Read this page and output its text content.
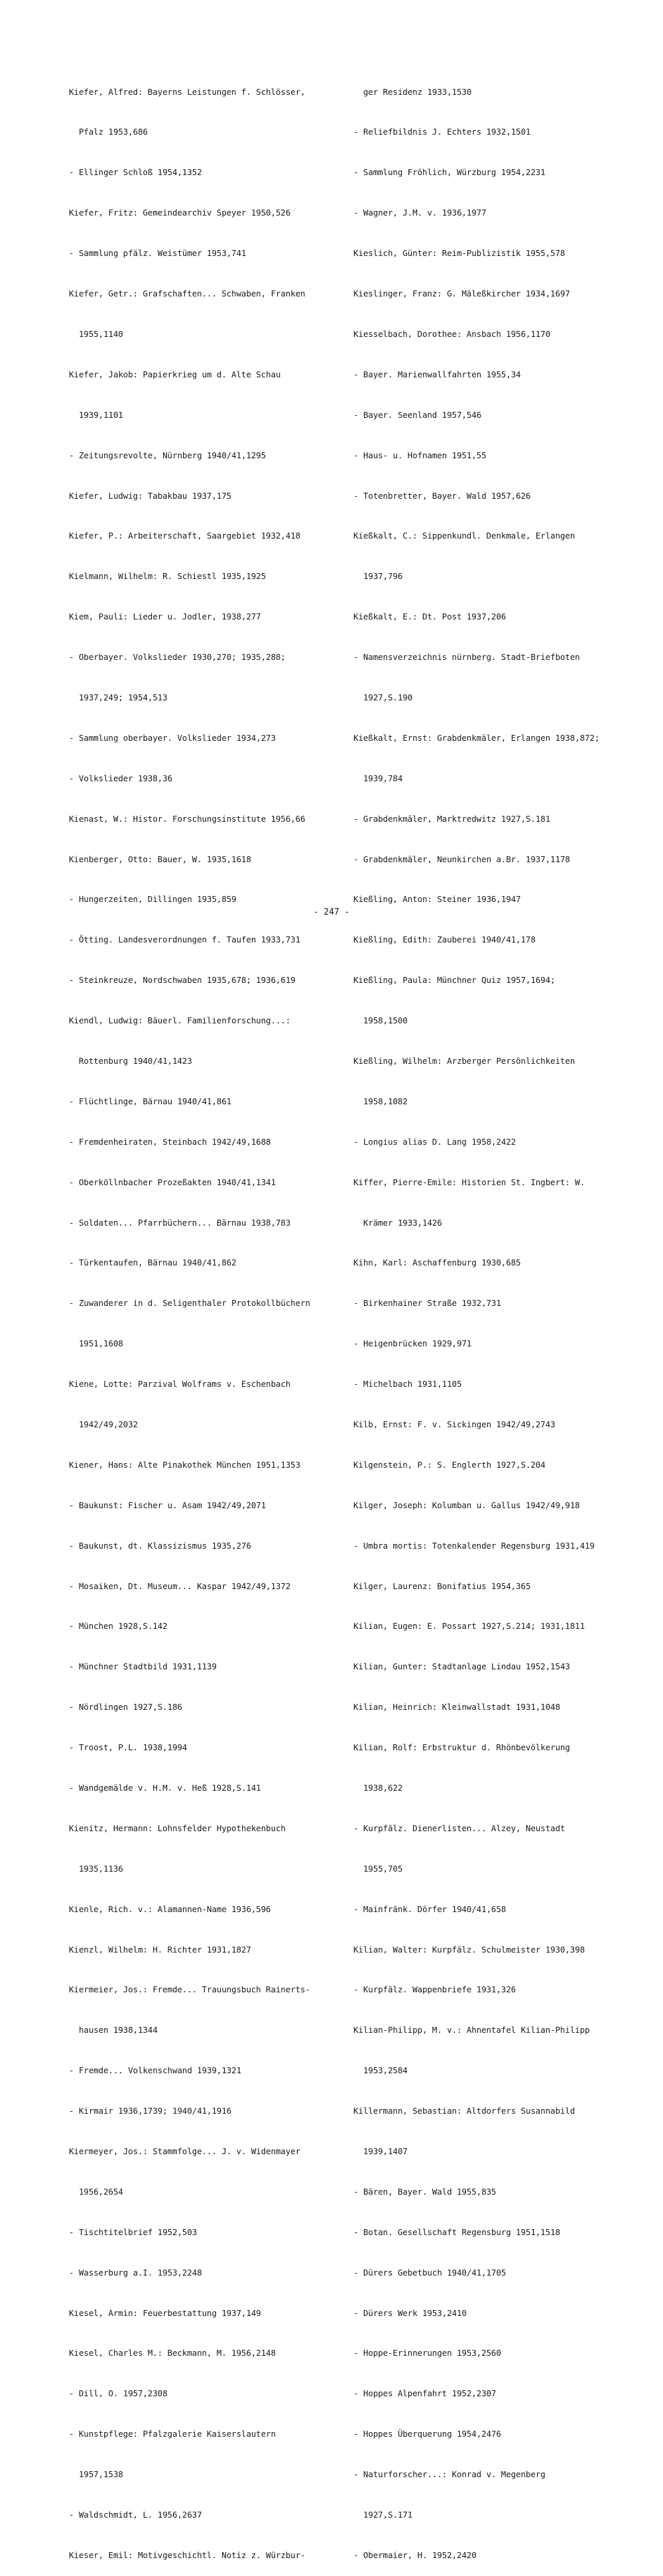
Kiefer, Alfred: Bayerns Leistungen f. Schlösser,

Pfalz 1953,686

- Ellinger Schloß 1954,1352

Kiefer, Fritz: Gemeindearchiv Speyer 1950,526

- Sammlung pfälz. Weistümer 1953,741

Kiefer, Getr.: Grafschaften... Schwaben, Franken

1955,1140

Kiefer, Jakob: Papierkrieg um d. Alte Schau

1939,1101

- Zeitungsrevolte, Nürnberg 1940/41,1295

Kiefer, Ludwig: Tabakbau 1937,175

Kiefer, P.: Arbeiterschaft, Saargebiet 1932,418

Kielmann, Wilhelm: R. Schiestl 1935,1925

Kiem, Pauli: Lieder u. Jodler, 1938,277

- Oberbayer. Volkslieder 1930,270; 1935,288;

1937,249; 1954,513

- Sammlung oberbayer. Volkslieder 1934,273

- Volkslieder 1938,36

Kienast, W.: Histor. Forschungsinstitute 1956,66

Kienberger, Otto: Bauer, W. 1935,1618

- Hungerzeiten, Dillingen 1935,859

- Ötting. Landesverordnungen f. Taufen 1933,731

- Steinkreuze, Nordschwaben 1935,678; 1936,619

Kiendl, Ludwig: Bäuerl. Familienforschung...:

Rottenburg 1940/41,1423

- Flüchtlinge, Bärnau 1940/41,861

- Fremdenheiraten, Steinbach 1942/49,1688

- Oberköllnbacher Prozeßakten 1940/41,1341

- Soldaten... Pfarrbüchern... Bärnau 1938,783

- Türkentaufen, Bärnau 1940/41,862

- Zuwanderer in d. Seligenthaler Protokollbüchern

1951,1608

Kiene, Lotte: Parzival Wolframs v. Eschenbach

1942/49,2032

Kiener, Hans: Alte Pinakothek München 1951,1353

- Baukunst: Fischer u. Asam 1942/49,2071

- Baukunst, dt. Klassizismus 1935,276

- Mosaiken, Dt. Museum... Kaspar 1942/49,1372

- München 1928,S.142

- Münchner Stadtbild 1931,1139

- Nördlingen 1927,S.186

- Troost, P.L. 1938,1994

- Wandgemälde v. H.M. v. Heß 1928,S.141

Kienitz, Hermann: Lohnsfelder Hypothekenbuch

1935,1136

Kienle, Rich. v.: Alamannen-Name 1936,596

Kienzl, Wilhelm: H. Richter 1931,1827

Kiermeier, Jos.: Fremde... Trauungsbuch Rainerts-

hausen 1938,1344

- Fremde... Volkenschwand 1939,1321

- Kirmair 1936,1739; 1940/41,1916

Kiermeyer, Jos.: Stammfolge... J. v. Widenmayer

1956,2654

- Tischtitelbrief 1952,503

- Wasserburg a.I. 1953,2248

Kiesel, Armin: Feuerbestattung 1937,149

Kiesel, Charles M.: Beckmann, M. 1956,2148

- Dill, O. 1957,2308

- Kunstpflege: Pfalzgalerie Kaiserslautern

1957,1538

- Waldschmidt, L. 1956,2637

Kieser, Emil: Motivgeschichtl. Notiz z. Würzbur-

ger Residenz 1933,1530

- Reliefbildnis J. Echters 1932,1501

- Sammlung Fröhlich, Würzburg 1954,2231

- Wagner, J.M. v. 1936,1977

Kieslich, Günter: Reim-Publizistik 1955,578

Kieslinger, Franz: G. Mäleßkircher 1934,1697

Kiesselbach, Dorothee: Ansbach 1956,1170

- Bayer. Marienwallfahrten 1955,34

- Bayer. Seenland 1957,546

- Haus- u. Hofnamen 1951,55

- Totenbretter, Bayer. Wald 1957,626

Kießkalt, C.: Sippenkundl. Denkmale, Erlangen

1937,796

Kießkalt, E.: Dt. Post 1937,206

- Namensverzeichnis nürnberg. Stadt-Briefboten

1927,S.190

Kießkalt, Ernst: Grabdenkmäler, Erlangen 1938,872;

1939,784

- Grabdenkmäler, Marktredwitz 1927,S.181

- Grabdenkmäler, Neunkirchen a.Br. 1937,1178

Kießling, Anton: Steiner 1936,1947

Kießling, Edith: Zauberei 1940/41,178

Kießling, Paula: Münchner Quiz 1957,1694;

1958,1500

Kießling, Wilhelm: Arzberger Persönlichkeiten

1958,1082

- Longius alias D. Lang 1958,2422

Kiffer, Pierre-Emile: Historien St. Ingbert: W.

Krämer 1933,1426

Kihn, Karl: Aschaffenburg 1930,685

- Birkenhainer Straße 1932,731

- Heigenbrücken 1929,971

- Michelbach 1931,1105

Kilb, Ernst: F. v. Sickingen 1942/49,2743

Kilgenstein, P.: S. Englerth 1927,S.204

Kilger, Joseph: Kolumban u. Gallus 1942/49,918

- Umbra mortis: Totenkalender Regensburg 1931,419

Kilger, Laurenz: Bonifatius 1954,365

Kilian, Eugen: E. Possart 1927,S.214; 1931,1811

Kilian, Gunter: Stadtanlage Lindau 1952,1543

Kilian, Heinrich: Kleinwallstadt 1931,1048

Kilian, Rolf: Erbstruktur d. Rhönbevölkerung

1938,622

- Kurpfälz. Dienerlisten... Alzey, Neustadt

1955,705

- Mainfränk. Dörfer 1940/41,658

Kilian, Walter: Kurpfälz. Schulmeister 1930,398

- Kurpfälz. Wappenbriefe 1931,326

Kilian-Philipp, M. v.: Ahnentafel Kilian-Philipp

1953,2584

Killermann, Sebastian: Altdorfers Susannabild

1939,1407

- Bären, Bayer. Wald 1955,835

- Botan. Gesellschaft Regensburg 1951,1518

- Dürers Gebetbuch 1940/41,1705

- Dürers Werk 1953,2410

- Hoppe-Erinnerungen 1953,2560

- Hoppes Alpenfahrt 1952,2307

- Hoppes Überquerung 1954,2476

- Naturforscher...: Konrad v. Megenberg

1927,S.171

- Obermaier, H. 1952,2420

- 247 -
